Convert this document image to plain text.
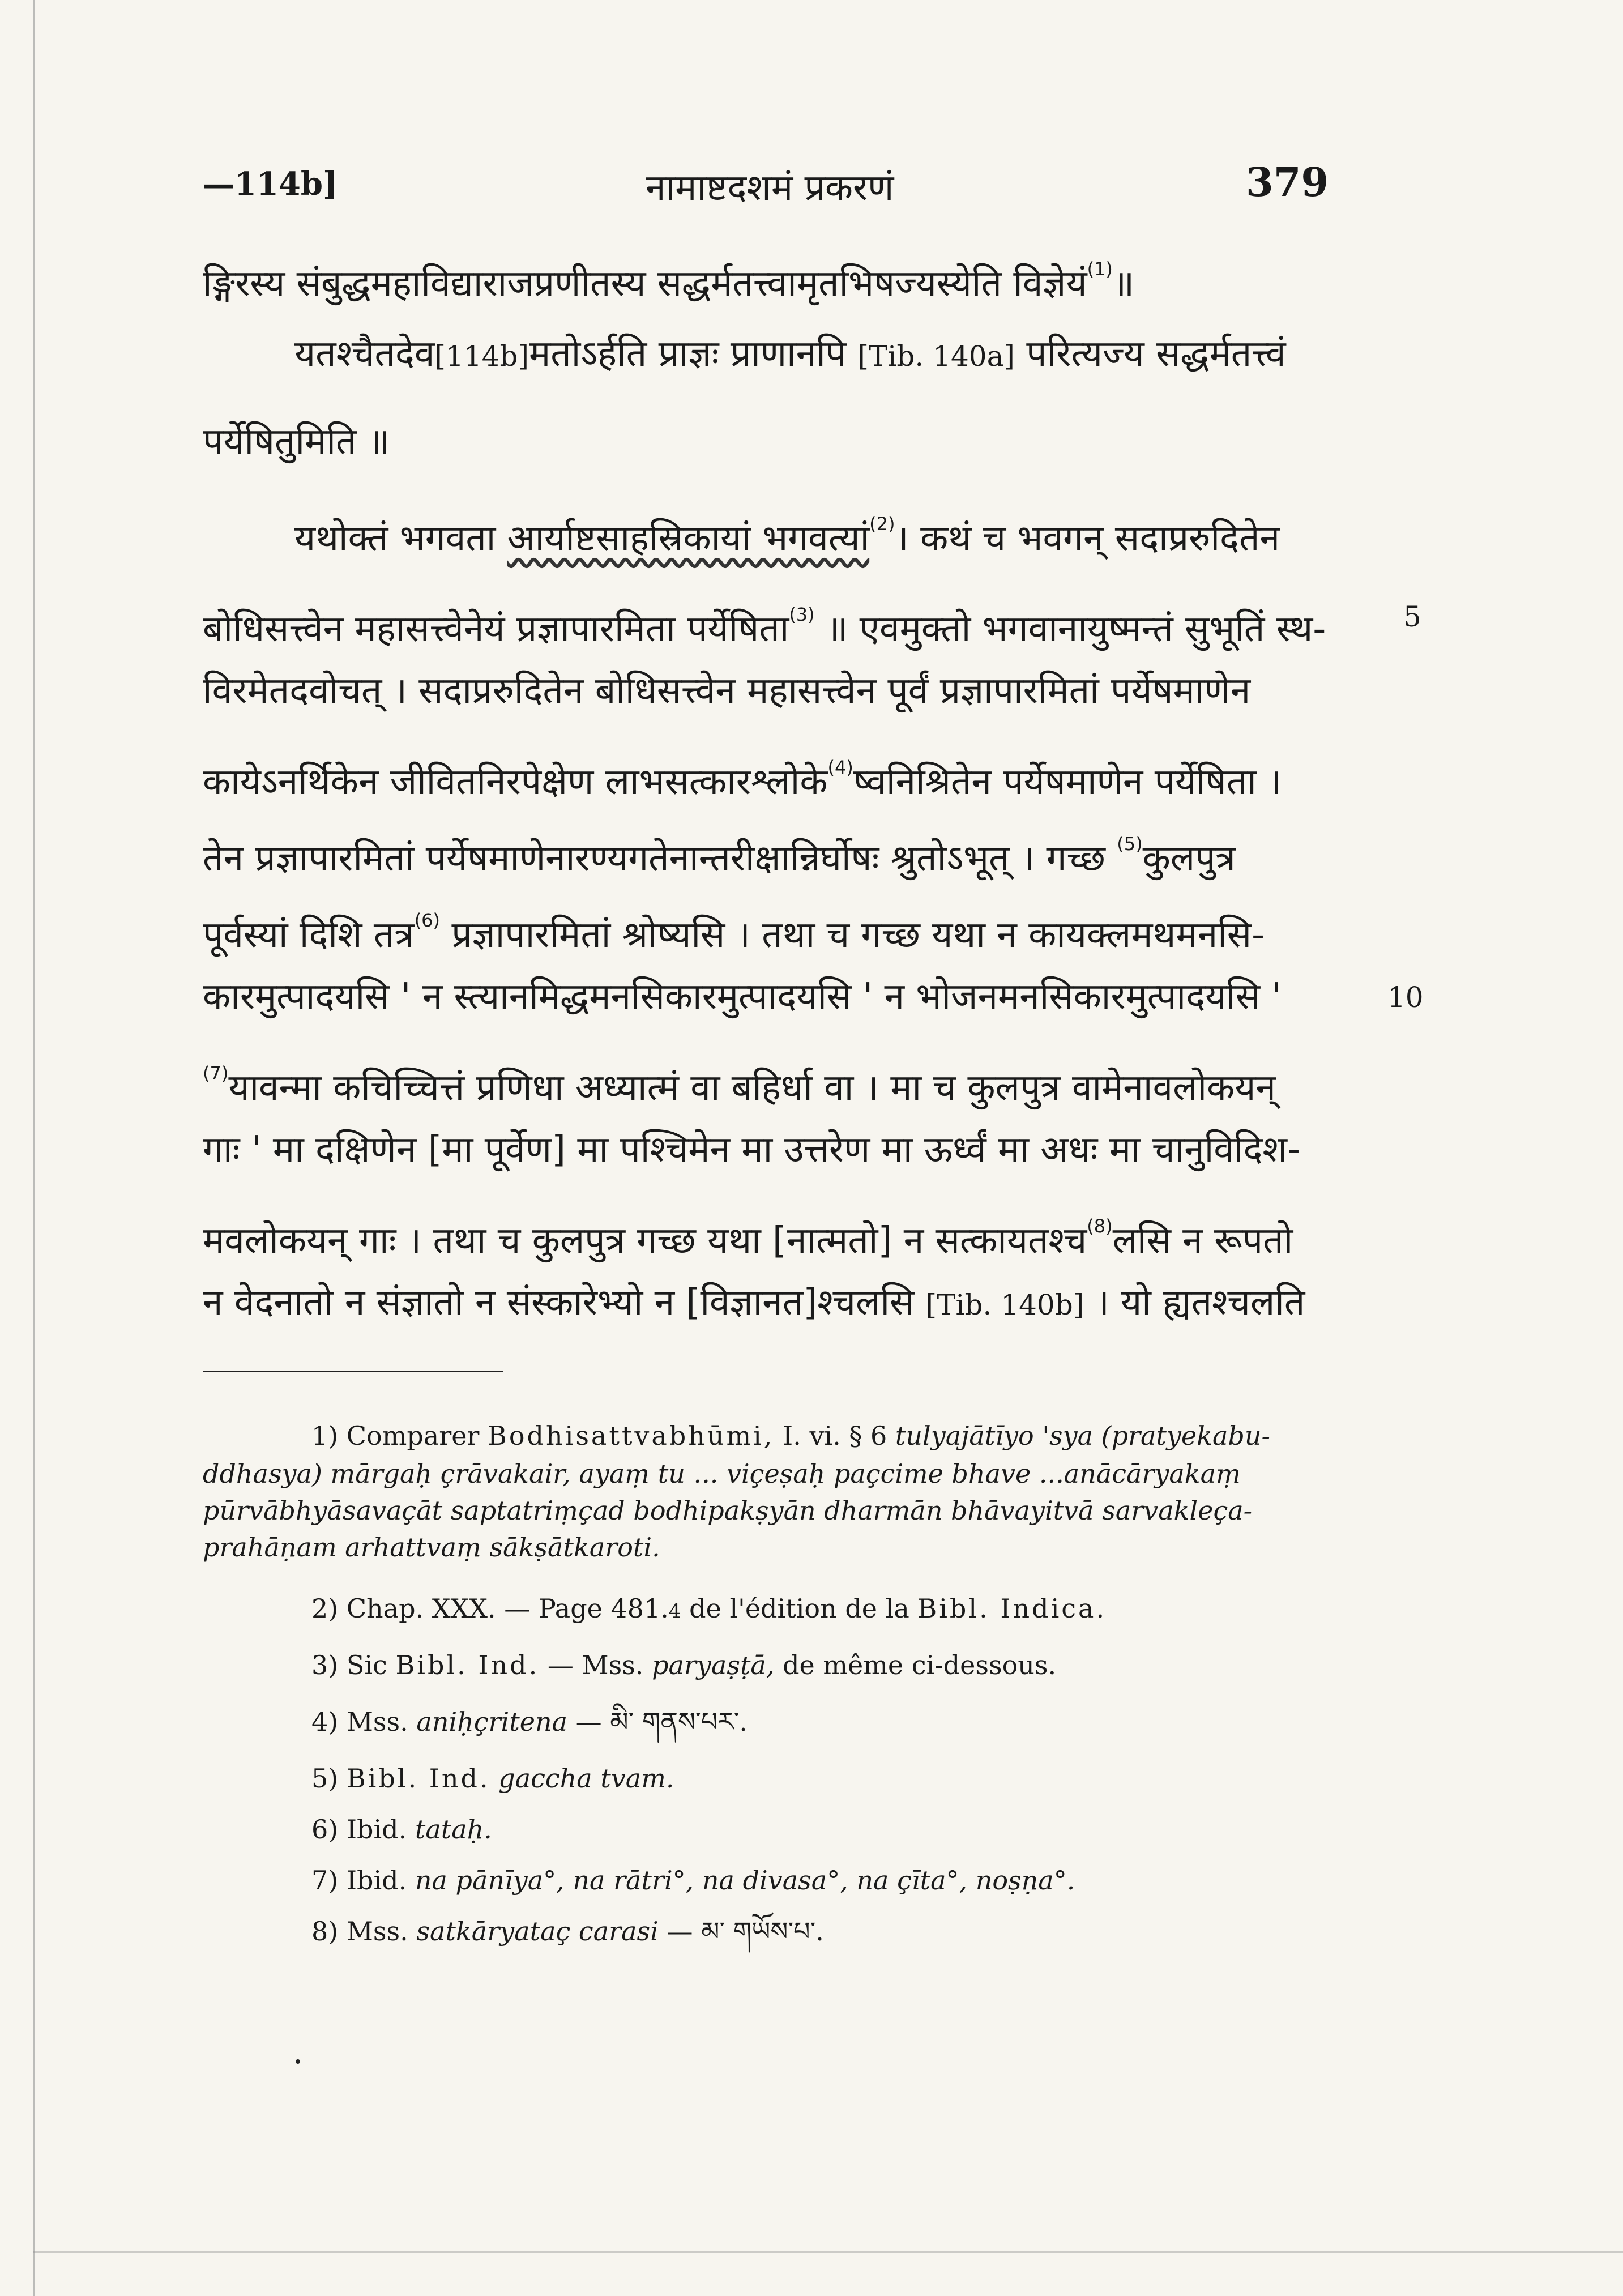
—114b]	नामाष्टदशमं प्रकरणं	379
ङ्गिरस्य संबुद्धमहाविद्याराजप्रणीतस्य सद्धर्मतत्त्वामृतभिषज्यस्येति विज्ञेयं$^{(1)}$॥
यतश्चैतदेव[114b]मतोऽर्हति प्राज्ञः प्राणानपि [Tib. 140a] परित्यज्य सद्धर्मतत्त्वं
पर्येषितुमिति ॥
यथोक्तं भगवता आर्याष्टसाहस्रिकायां भगवत्यां$^{(2)}$। कथं च भवगन् सदाप्ररुदितेन
बोधिसत्त्वेन महासत्त्वेनेयं प्रज्ञापारमिता पर्येषिता$^{(3)}$ ॥ एवमुक्तो भगवानायुष्मन्तं सुभूतिं स्थ-	5
विरमेतदवोचत् । सदाप्ररुदितेन बोधिसत्त्वेन महासत्त्वेन पूर्वं प्रज्ञापारमितां पर्येषमाणेन
कायेऽनर्थिकेन जीवितनिरपेक्षेण लाभसत्कारश्लोके$^{(4)}$ष्वनिश्रितेन पर्येषमाणेन पर्येषिता ।
तेन प्रज्ञापारमितां पर्येषमाणेनारण्यगतेनान्तरीक्षान्निर्घोषः श्रुतोऽभूत् । गच्छ $^{(5)}$कुलपुत्र
पूर्वस्यां दिशि तत्र$^{(6)}$ प्रज्ञापारमितां श्रोष्यसि । तथा च गच्छ यथा न कायक्लमथमनसि-
कारमुत्पादयसि ' न स्त्यानमिद्धमनसिकारमुत्पादयसि ' न भोजनमनसिकारमुत्पादयसि '	10
$^{(7)}$यावन्मा कचिच्चित्तं प्रणिधा अध्यात्मं वा बहिर्धा वा । मा च कुलपुत्र वामेनावलोकयन्
गाः ' मा दक्षिणेन [मा पूर्वेण] मा पश्चिमेन मा उत्तरेण मा ऊर्ध्वं मा अधः मा चानुविदिश-
मवलोकयन् गाः । तथा च कुलपुत्र गच्छ यथा [नात्मतो] न सत्कायतश्च$^{(8)}$लसि न रूपतो
न वेदनातो न संज्ञातो न संस्कारेभ्यो न [विज्ञानत]श्चलसि [Tib. 140b] । यो ह्यतश्चलति
1) Comparer Bodhisattvabhūmi, I. vi. § 6 tulyajātīyo 'sya (pratyekabu-
ddhasya) mārgaḥ çrāvakair, ayaṃ tu ... viçeṣaḥ paçcime bhave ...anācāryakaṃ
pūrvābhyāsavaçāt saptatriṃçad bodhipakṣyān dharmān bhāvayitvā sarvakleça-
prahāṇam arhattvaṃ sākṣātkaroti.
2) Chap. XXX. — Page 481.4 de l'édition de la Bibl. Indica.
3) Sic Bibl. Ind. — Mss. paryaṣṭā, de même ci-dessous.
4) Mss. aniḥçritena — མི་ གནས་པར་.
5) Bibl. Ind. gaccha tvam.
6) Ibid. tataḥ.
7) Ibid. na pānīya°, na rātri°, na divasa°, na çīta°, noṣṇa°.
8) Mss. satkāryataç carasi — མ་ གཡོས་པ་.
